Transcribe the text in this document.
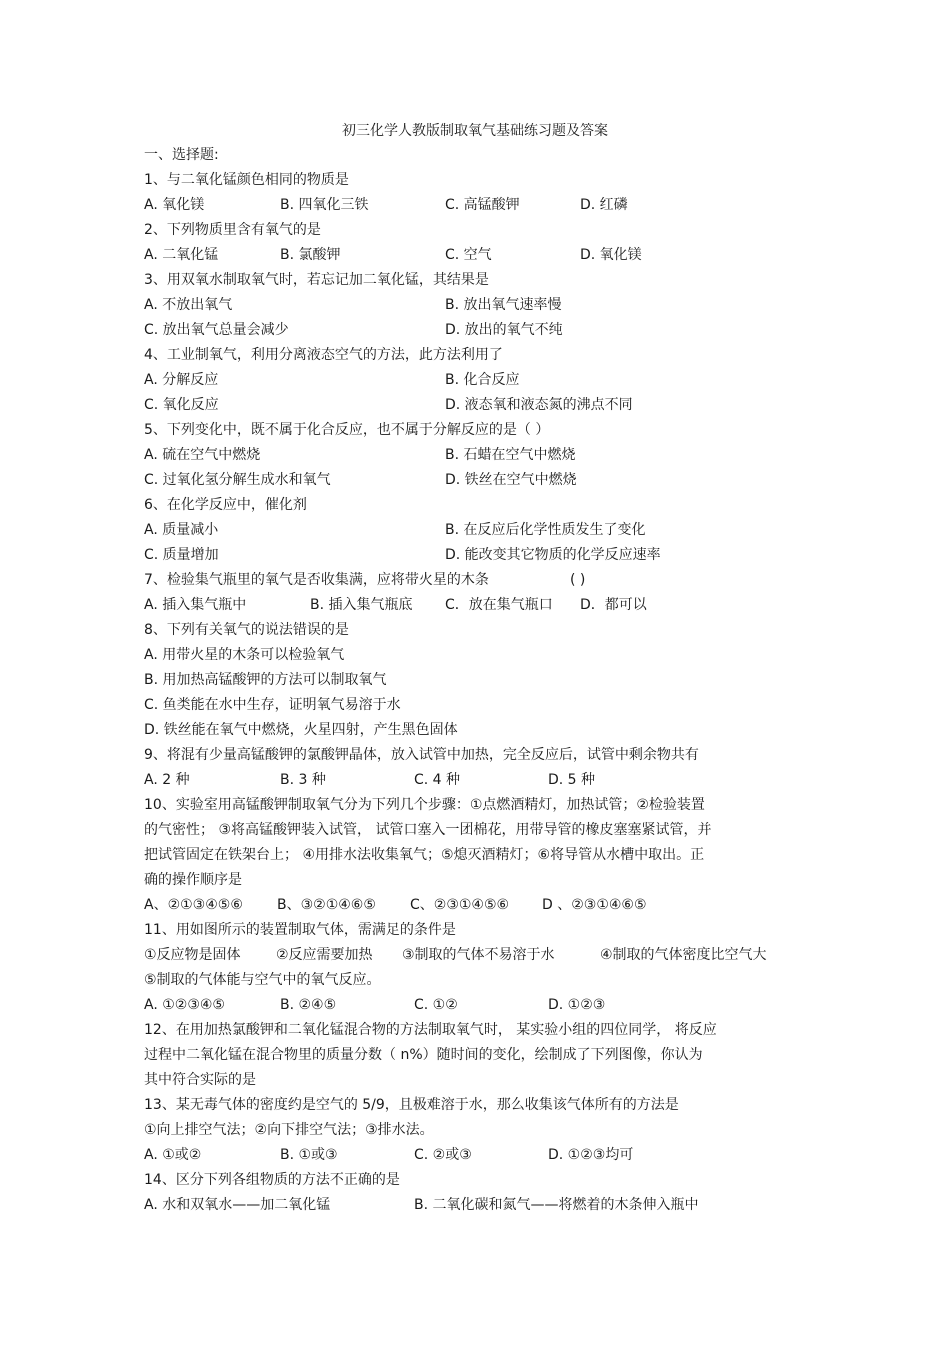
初三化学人教版制取氧气基础练习题及答案
一、选择题:
1、与二氧化锰颜色相同的物质是
A. 氧化镁	B. 四氧化三铁	C. 高锰酸钾	D. 红磷
2、下列物质里含有氧气的是
A. 二氧化锰	B. 氯酸钾	C. 空气	D. 氧化镁
3、用双氧水制取氧气时，若忘记加二氧化锰，其结果是
A. 不放出氧气	B. 放出氧气速率慢
C. 放出氧气总量会减少	D. 放出的氧气不纯
4、工业制氧气，利用分离液态空气的方法，此方法利用了
A. 分解反应	B. 化合反应
C. 氧化反应	D. 液态氧和液态氮的沸点不同
5、下列变化中，既不属于化合反应，也不属于分解反应的是（ ）
A. 硫在空气中燃烧	B. 石蜡在空气中燃烧
C. 过氧化氢分解生成水和氧气	D. 铁丝在空气中燃烧
6、在化学反应中，催化剂
A. 质量减小	B. 在反应后化学性质发生了变化
C. 质量增加	D. 能改变其它物质的化学反应速率
7、检验集气瓶里的氧气是否收集满，应将带火星的木条	( )
A. 插入集气瓶中	B. 插入集气瓶底 C．放在集气瓶口 D．都可以
8、下列有关氧气的说法错误的是
A. 用带火星的木条可以检验氧气
B. 用加热高锰酸钾的方法可以制取氧气
C. 鱼类能在水中生存，证明氧气易溶于水
D. 铁丝能在氧气中燃烧，火星四射，产生黑色固体
9、将混有少量高锰酸钾的氯酸钾晶体，放入试管中加热，完全反应后，试管中剩余物共有
A. 2 种	B. 3 种	C. 4 种	D. 5 种
10、实验室用高锰酸钾制取氧气分为下列几个步骤：①点燃酒精灯，加热试管；②检验装置
的气密性； ③将高锰酸钾装入试管， 试管口塞入一团棉花，用带导管的橡皮塞塞紧试管，并
把试管固定在铁架台上； ④用排水法收集氧气；⑤熄灭酒精灯；⑥将导管从水槽中取出。正
确的操作顺序是
A、②①③④⑤⑥ B、③②①④⑥⑤ C、②③①④⑤⑥ D 、②③①④⑥⑤
11、用如图所示的装置制取气体，需满足的条件是
①反应物是固体	②反应需要加热 ③制取的气体不易溶于水	④制取的气体密度比空气大
⑤制取的气体能与空气中的氧气反应。
A. ①②③④⑤	B. ②④⑤	C. ①②	D. ①②③
12、在用加热氯酸钾和二氧化锰混合物的方法制取氧气时， 某实验小组的四位同学， 将反应
过程中二氧化锰在混合物里的质量分数（ n%）随时间的变化，绘制成了下列图像，你认为
其中符合实际的是
13、某无毒气体的密度约是空气的 5/9，且极难溶于水，那么收集该气体所有的方法是
①向上排空气法；②向下排空气法；③排水法。
A. ①或②	B. ①或③	C. ②或③	D. ①②③均可
14、区分下列各组物质的方法不正确的是
A. 水和双氧水——加二氧化锰	B. 二氧化碳和氮气——将燃着的木条伸入瓶中
